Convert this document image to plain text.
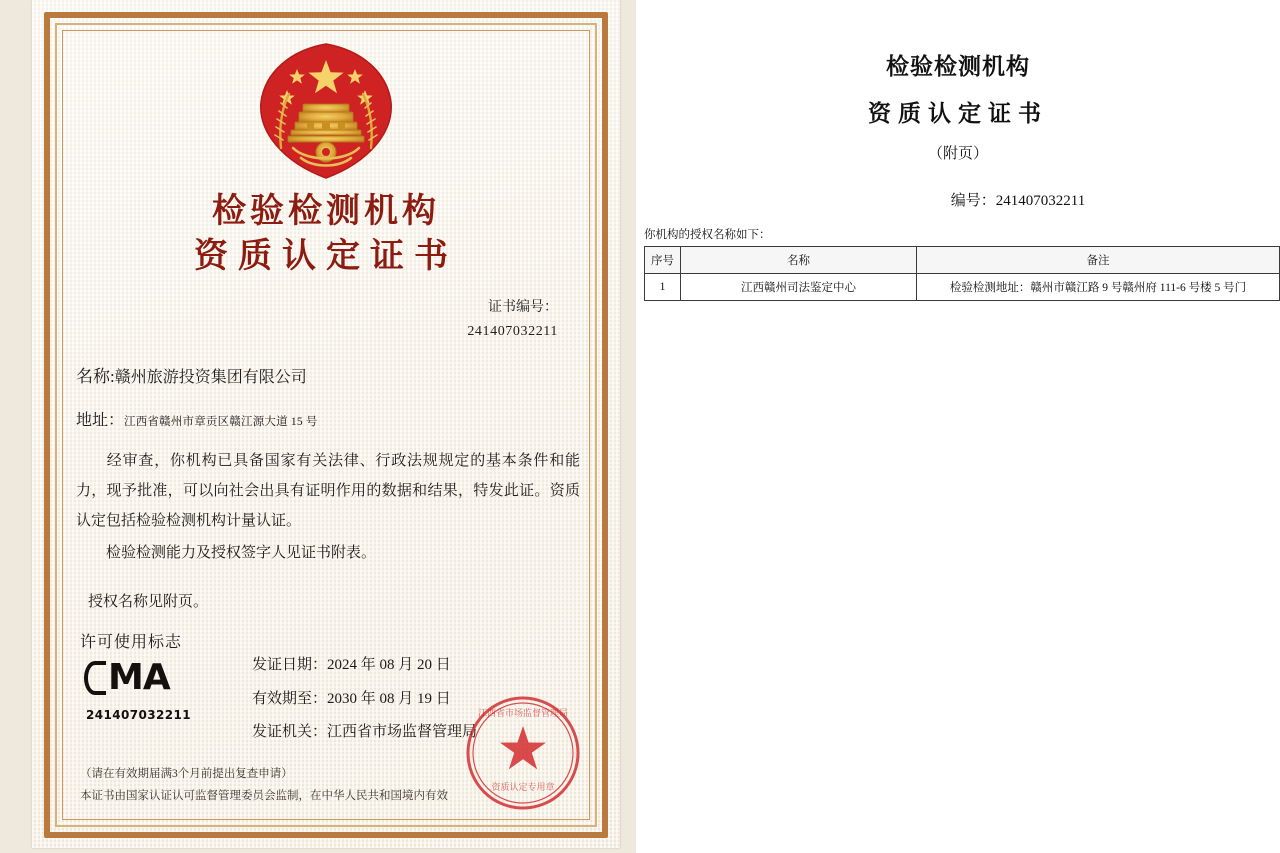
检验检测机构
资质认定证书
证书编号：
241407032211
名称:赣州旅游投资集团有限公司
地址：江西省赣州市章贡区赣江源大道 15 号
经审查，你机构已具备国家有关法律、行政法规规定的基本条件和能力，现予批准，可以向社会出具有证明作用的数据和结果，特发此证。资质认定包括检验检测机构计量认证。
检验检测能力及授权签字人见证书附表。
授权名称见附页。
许可使用标志
MA
241407032211
发证日期：2024 年 08 月 20 日
有效期至：2030 年 08 月 19 日
发证机关：江西省市场监督管理局
（请在有效期届满3个月前提出复查申请）
本证书由国家认证认可监督管理委员会监制，在中华人民共和国境内有效
江西省市场监督管理局
资质认定专用章
检验检测机构
资质认定证书
（附页）
编号：241407032211
你机构的授权名称如下：
序号	名称	备注
1	江西赣州司法鉴定中心	检验检测地址：赣州市赣江路 9 号赣州府 111-6 号楼 5 号门
